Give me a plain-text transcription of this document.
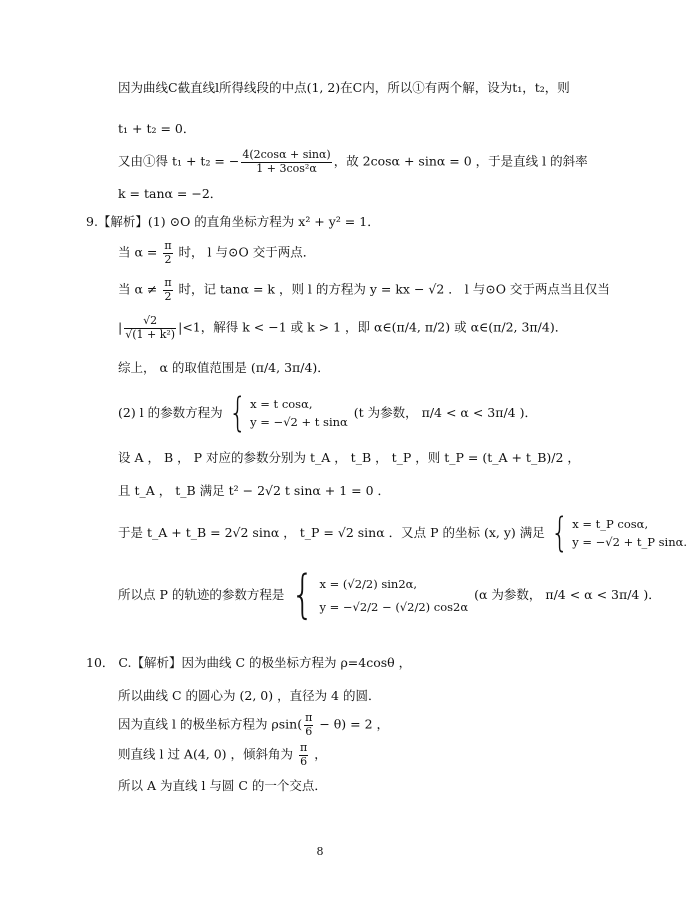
因为曲线C截直线l所得线段的中点(1, 2)在C内，所以①有两个解，设为t₁，t₂，则
t₁ + t₂ = 0．
又由①得 t₁ + t₂ = − $\frac{4(2\cos\alpha + \sin\alpha)}{\text{1 + 3cos²α}}$ ，故 2cosα + sinα = 0 ，于是直线 l 的斜率
k = tanα = −2．
9.【解析】(1) ⊙O 的直角坐标方程为 x² + y² = 1．
当 $\alpha = \frac{\pi}{2}$ 时， l 与⊙O 交于两点．
当 $\alpha \ne \frac{\pi}{2}$ 时，记 tanα = k ，则 l 的方程为 y = kx − √2 ． l 与⊙O 交于两点当且仅当
| $\frac{√2}{\text{√(1 + k²)}} |<1$，解得 k < −1 或 k > 1 ，即 α∈(π/4, π/2) 或 α∈(π/2, 3π/4)．
综上， α 的取值范围是 (π/4, 3π/4)．
(2) l 的参数方程为 { x = t cosα,
y = −√2 + t sinα
(t 为参数， π/4 < α < 3π/4 )．
设 A ， B ， P 对应的参数分别为 t_A ， t_B ， t_P ，则 t_P = (t_A + t_B)/2 ，
且 t_A ， t_B 满足 t² − 2√2 t sinα + 1 = 0 ．
于是 t_A + t_B = 2√2 sinα ， t_P = √2 sinα ．又点 P 的坐标 (x, y) 满足 { x = t_P cosα,
y = −√2 + t_P sinα.
所以点 P 的轨迹的参数方程是 { x = (√2/2) sin2α,
y = −√2/2 − (√2/2) cos2α
(α 为参数， π/4 < α < 3π/4 )．
10． C.【解析】因为曲线 C 的极坐标方程为 ρ=4cosθ ，
所以曲线 C 的圆心为 (2, 0) ，直径为 4 的圆．
因为直线 l 的极坐标方程为 $\rho\sin( \frac{\pi}{6} - \theta) = 2$ ，
则直线 l 过 A(4, 0) ，倾斜角为 $\frac{\pi}{6}$ ，
所以 A 为直线 l 与圆 C 的一个交点．
8
